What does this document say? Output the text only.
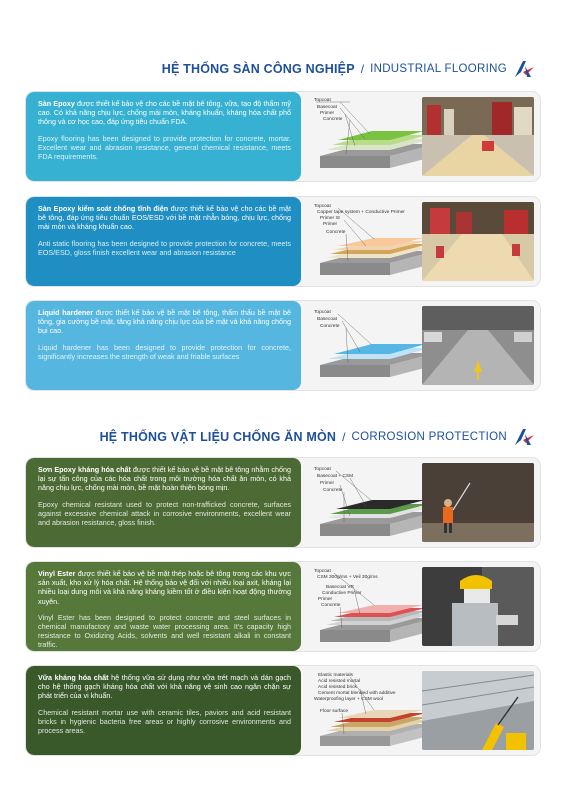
HỆ THỐNG SÀN CÔNG NGHIỆP / INDUSTRIAL FLOORING

Sàn Epoxy được thiết kế bảo vệ cho các bề mặt bê tông, vữa, tạo độ thẩm mỹ cao. Có khả năng chịu lực, chống mài mòn, kháng khuẩn, kháng hóa chất phổ thông và cơ học cao, đáp ứng tiêu chuẩn FDA.

Epoxy flooring has been designed to provide protection for concrete, mortar. Excellent wear and abrasion resistance, general chemical resistance, meets FDA requirements.

Topcoat
Basecoat
Primer
Concrete

Sàn Epoxy kiểm soát chống tĩnh điện được thiết kế bảo vệ cho các bề mặt bê tông, đáp ứng tiêu chuẩn EOS/ESD với bề mặt nhẵn bóng, chịu lực, chống mài mòn và kháng khuẩn cao.

Anti static flooring has been designed to provide protection for concrete, meets EOS/ESD, gloss finish excellent wear and abrasion resistance

Topcoat
Copper tape system + Conductive Primer
Primer IS
Primer
Concrete

Liquid hardener được thiết kế bảo vệ bề mặt bê tông, thẩm thấu bề mặt bê tông, gia cường bề mặt, tăng khả năng chịu lực của bề mặt và khả năng chống bụi cao.

Liquid hardener has been designed to provide protection for concrete, significantly increases the strength of weak and friable surfaces

Topcoat
Basecoat
Concrete
HỆ THỐNG VẬT LIỆU CHỐNG ĂN MÒN / CORROSION PROTECTION

Sơn Epoxy kháng hóa chất được thiết kế bảo vệ bề mặt bê tông nhằm chống lại sự tấn công của các hóa chất trong môi trường hóa chất ăn mòn, có khả năng chịu lực, chống mài mòn, bề mặt hoàn thiện bóng mịn.

Epoxy chemical resistant used to protect non-trafficked concrete, surfaces against excessive chemical attack in corrosive environments, excellent wear and abrasion resistance, gloss finish.

Topcoat
Basecoat + CSM
Primer
Concrete

Vinyl Ester được thiết kế bảo vệ bề mặt thép hoặc bê tông trong các khu vực sản xuất, kho xử lý hóa chất. Hệ thống bảo vệ đối với nhiều loại axit, kháng lại nhiều loại dung môi và khả năng kháng kiềm tốt ở điều kiện hoạt động thường xuyên.

Vinyl Ester has been designed to protect concrete and steel surfaces in chemical manufactory and waste water processing area. It's capacity high resistance to Oxidizing Acids, solvents and well resistant alkali in constant traffic.

Topcoat
CSM 300g/ms + Veil 30g/ms
Basecoat VR
Conductive Primer
Primer
Concrete

Vữa kháng hóa chất hệ thống vữa sử dụng như vữa trét mạch và dán gạch cho hệ thống gạch kháng hóa chất với khả năng vệ sinh cao ngăn chặn sự phát triển của vi khuẩn.

Chemical resistant mortar use with ceramic tiles, paviors and acid resistant bricks in hygienic bacteria free areas or highly corrosive environments and process areas.

Elastic materials
Acid resisted mortal
Acid resisted brick
Cement mortal blended with additive
Waterproofing layer + CSM wool
Floor surface
